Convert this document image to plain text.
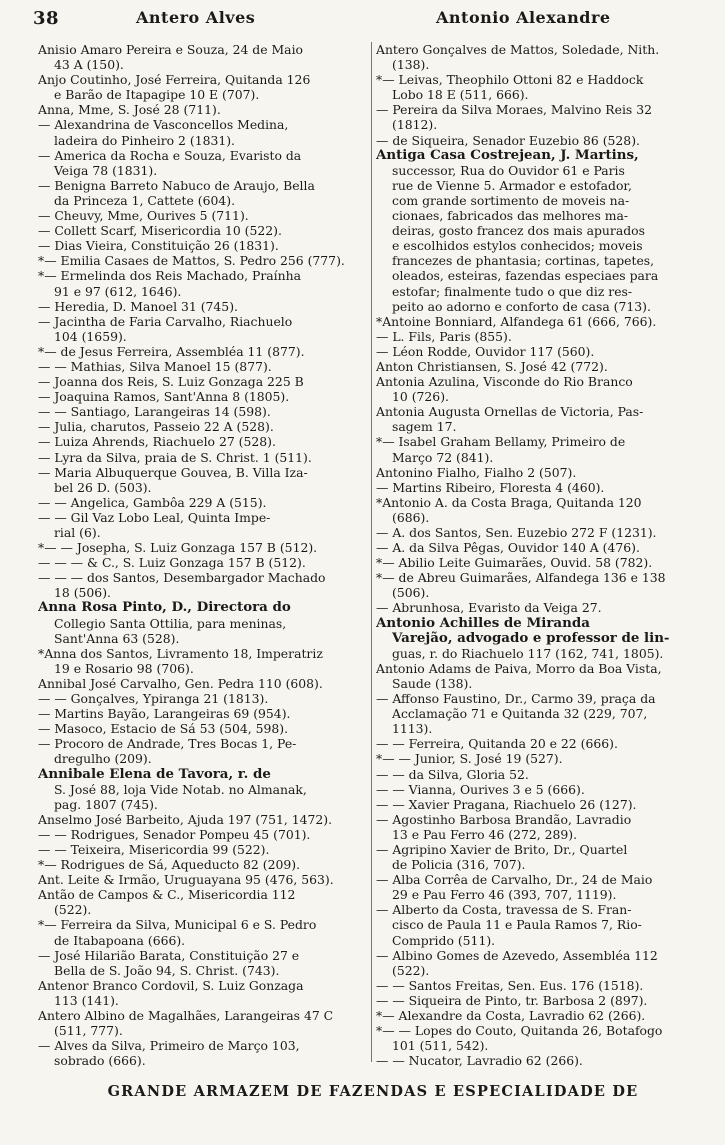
38	Antero Alves	Antonio Alexandre
Anisio Amaro Pereira e Souza, 24 de Maio
43 A (150).
Anjo Coutinho, José Ferreira, Quitanda 126
e Barão de Itapagipe 10 E (707).
Anna, Mme, S. José 28 (711).
— Alexandrina de Vasconcellos Medina,
ladeira do Pinheiro 2 (1831).
— America da Rocha e Souza, Evaristo da
Veiga 78 (1831).
— Benigna Barreto Nabuco de Araujo, Bella
da Princeza 1, Cattete (604).
— Cheuvy, Mme, Ourives 5 (711).
— Collett Scarf, Misericordia 10 (522).
— Dias Vieira, Constituição 26 (1831).
*— Emilia Casaes de Mattos, S. Pedro 256 (777).
*— Ermelinda dos Reis Machado, Praínha
91 e 97 (612, 1646).
— Heredia, D. Manoel 31 (745).
— Jacintha de Faria Carvalho, Riachuelo
104 (1659).
*— de Jesus Ferreira, Assembléa 11 (877).
— — Mathias, Silva Manoel 15 (877).
— Joanna dos Reis, S. Luiz Gonzaga 225 B
— Joaquina Ramos, Sant'Anna 8 (1805).
— — Santiago, Larangeiras 14 (598).
— Julia, charutos, Passeio 22 A (528).
— Luiza Ahrends, Riachuelo 27 (528).
— Lyra da Silva, praia de S. Christ. 1 (511).
— Maria Albuquerque Gouvea, B. Villa Iza-
bel 26 D. (503).
— — Angelica, Gambôa 229 A (515).
— — Gil Vaz Lobo Leal, Quinta Impe-
rial (6).
*— — Josepha, S. Luiz Gonzaga 157 B (512).
— — — & C., S. Luiz Gonzaga 157 B (512).
— — — dos Santos, Desembargador Machado
18 (506).
Anna Rosa Pinto, D., Directora do
Collegio Santa Ottilia, para meninas,
Sant'Anna 63 (528).
*Anna dos Santos, Livramento 18, Imperatriz
19 e Rosario 98 (706).
Annibal José Carvalho, Gen. Pedra 110 (608).
— — Gonçalves, Ypiranga 21 (1813).
— Martins Bayão, Larangeiras 69 (954).
— Masoco, Estacio de Sá 53 (504, 598).
— Procoro de Andrade, Tres Bocas 1, Pe-
dregulho (209).
Annibale Elena de Tavora, r. de
S. José 88, loja Vide Notab. no Almanak,
pag. 1807 (745).
Anselmo José Barbeito, Ajuda 197 (751, 1472).
— — Rodrigues, Senador Pompeu 45 (701).
— — Teixeira, Misericordia 99 (522).
*— Rodrigues de Sá, Aqueducto 82 (209).
Ant. Leite & Irmão, Uruguayana 95 (476, 563).
Antão de Campos & C., Misericordia 112
(522).
*— Ferreira da Silva, Municipal 6 e S. Pedro
de Itabapoana (666).
— José Hilarião Barata, Constituição 27 e
Bella de S. João 94, S. Christ. (743).
Antenor Branco Cordovil, S. Luiz Gonzaga
113 (141).
Antero Albino de Magalhães, Larangeiras 47 C
(511, 777).
— Alves da Silva, Primeiro de Março 103,
sobrado (666).
Antero Gonçalves de Mattos, Soledade, Nith.
(138).
*— Leivas, Theophilo Ottoni 82 e Haddock
Lobo 18 E (511, 666).
— Pereira da Silva Moraes, Malvino Reis 32
(1812).
— de Siqueira, Senador Euzebio 86 (528).
Antiga Casa Costrejean, J. Martins,
successor, Rua do Ouvidor 61 e Paris
rue de Vienne 5. Armador e estofador,
com grande sortimento de moveis na-
cionaes, fabricados das melhores ma-
deiras, gosto francez dos mais apurados
e escolhidos estylos conhecidos; moveis
francezes de phantasia; cortinas, tapetes,
oleados, esteiras, fazendas especiaes para
estofar; finalmente tudo o que diz res-
peito ao adorno e conforto de casa (713).
*Antoine Bonniard, Alfandega 61 (666, 766).
— L. Fils, Paris (855).
— Léon Rodde, Ouvidor 117 (560).
Anton Christiansen, S. José 42 (772).
Antonia Azulina, Visconde do Rio Branco
10 (726).
Antonia Augusta Ornellas de Victoria, Pas-
sagem 17.
*— Isabel Graham Bellamy, Primeiro de
Março 72 (841).
Antonino Fialho, Fialho 2 (507).
— Martins Ribeiro, Floresta 4 (460).
*Antonio A. da Costa Braga, Quitanda 120
(686).
— A. dos Santos, Sen. Euzebio 272 F (1231).
— A. da Silva Pêgas, Ouvidor 140 A (476).
*— Abilio Leite Guimarães, Ouvid. 58 (782).
*— de Abreu Guimarães, Alfandega 136 e 138
(506).
— Abrunhosa, Evaristo da Veiga 27.
Antonio Achilles de Miranda
Varejão, advogado e professor de lin-
guas, r. do Riachuelo 117 (162, 741, 1805).
Antonio Adams de Paiva, Morro da Boa Vista,
Saude (138).
— Affonso Faustino, Dr., Carmo 39, praça da
Acclamação 71 e Quitanda 32 (229, 707,
1113).
— — Ferreira, Quitanda 20 e 22 (666).
*— — Junior, S. José 19 (527).
— — da Silva, Gloria 52.
— — Vianna, Ourives 3 e 5 (666).
— — Xavier Pragana, Riachuelo 26 (127).
— Agostinho Barbosa Brandão, Lavradio
13 e Pau Ferro 46 (272, 289).
— Agripino Xavier de Brito, Dr., Quartel
de Policia (316, 707).
— Alba Corrêa de Carvalho, Dr., 24 de Maio
29 e Pau Ferro 46 (393, 707, 1119).
— Alberto da Costa, travessa de S. Fran-
cisco de Paula 11 e Paula Ramos 7, Rio-
Comprido (511).
— Albino Gomes de Azevedo, Assembléa 112
(522).
— — Santos Freitas, Sen. Eus. 176 (1518).
— — Siqueira de Pinto, tr. Barbosa 2 (897).
*— Alexandre da Costa, Lavradio 62 (266).
*— — Lopes do Couto, Quitanda 26, Botafogo
101 (511, 542).
— — Nucator, Lavradio 62 (266).
GRANDE ARMAZEM DE FAZENDAS E ESPECIALIDADE DE
